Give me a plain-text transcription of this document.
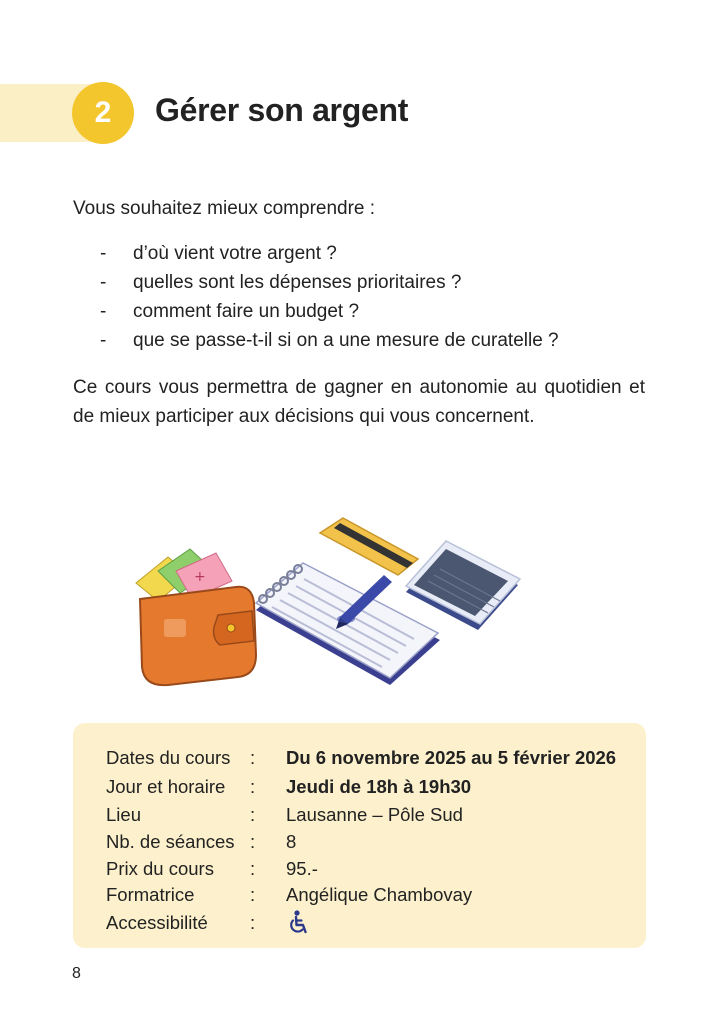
2	Gérer son argent
Vous souhaitez mieux comprendre :
- d’où vient votre argent ?
- quelles sont les dépenses prioritaires ?
- comment faire un budget ?
- que se passe-t-il si on a une mesure de curatelle ?

Ce cours vous permettra de gagner en autonomie au quotidien et de mieux participer aux décisions qui vous concernent.

+
Dates du cours : Du 6 novembre 2025 au 5 février 2026
Jour et horaire : Jeudi de 18h à 19h30
Lieu	: Lausanne – Pôle Sud
Nb. de séances : 8
Prix du cours : 95.-
Formatrice	: Angélique Chambovay
Accessibilité :
8
